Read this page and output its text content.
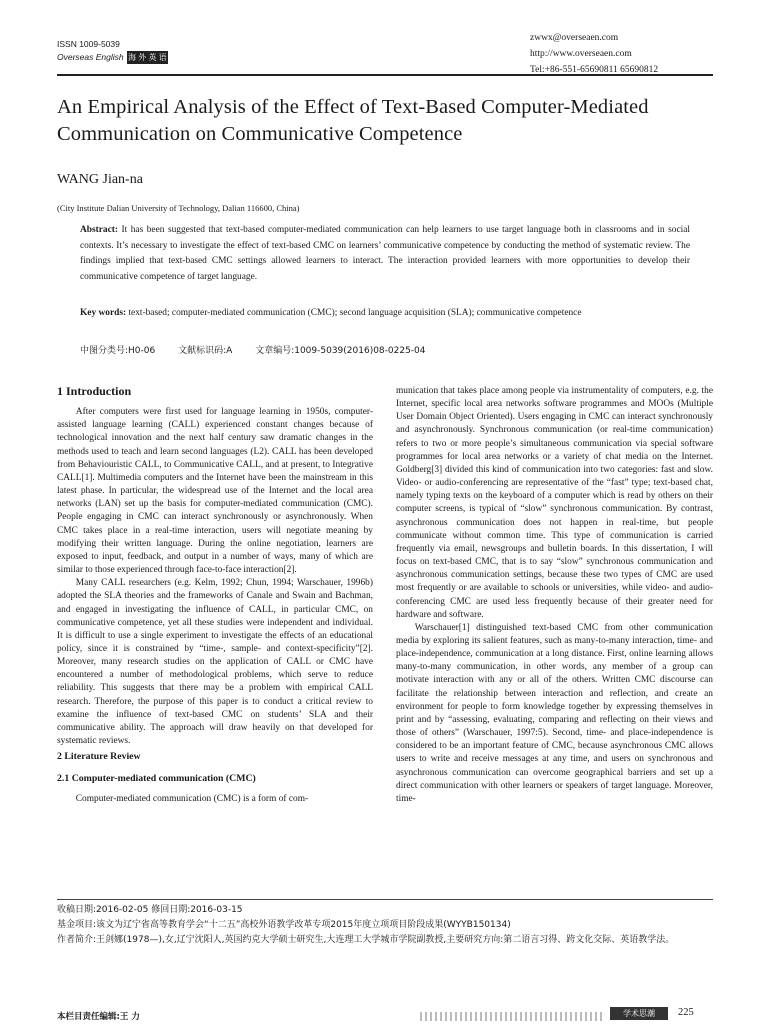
ISSN 1009-5039
Overseas English 海 外 英 语
zwwx@overseaen.com
http://www.overseaen.com
Tel:+86-551-65690811 65690812
An Empirical Analysis of the Effect of Text-Based Computer-Mediated Communication on Communicative Competence
WANG Jian-na
(City Institute Dalian University of Technology, Dalian 116600, China)

Abstract: It has been suggested that text-based computer-mediated communication can help learners to use target language both in classrooms and in social contexts. It’s necessary to investigate the effect of text-based CMC on learners’ communicative competence by conducting the method of systematic review. The findings implied that text-based CMC settings allowed learners to interact. The interaction provided learners with more opportunities to develop their communicative competence of target language.

Key words: text-based; computer-mediated communication (CMC); second language acquisition (SLA); communicative competence

中图分类号:H0-06	文献标识码:A	文章编号:1009-5039(2016)08-0225-04
1 Introduction

After computers were first used for language learning in 1950s, computer-assisted language learning (CALL) experienced constant changes because of technological innovation and the next half century saw dramatic changes in the methods used to teach and learn second languages (L2). CALL has been developed from Behaviouristic CALL, to Communicative CALL, and at present, to Integrative CALL[1]. Multimedia computers and the Internet have been the mainstream in this latest phase. In particular, the widespread use of the Internet and the local area networks (LAN) set up the basis for computer-mediated communication (CMC). People engaging in CMC can interact synchronously or asynchronously. When CMC takes place in a real-time interaction, users will negotiate meaning by modifying their written language. During the online negotiation, learners are exposed to input, feedback, and output in a number of ways, many of which are similar to those experienced through face-to-face interaction[2].

Many CALL researchers (e.g. Kelm, 1992; Chun, 1994; Warschauer, 1996b) adopted the SLA theories and the frameworks of Canale and Swain and Bachman, and engaged in investigating the influence of CALL, in particular CMC, on communicative competence, yet all these studies were independent and individual. It is difficult to use a single experiment to investigate the effects of an educational policy, since it is constrained by “time-, sample- and context-specificity”[2]. Moreover, many research studies on the application of CALL or CMC have encountered a number of methodological problems, which serve to reduce reliability. This suggests that there may be a problem with empirical CALL research. Therefore, the purpose of this paper is to conduct a critical review to examine the influence of text-based CMC on students’ SLA and their communicative ability. The approach will draw heavily on that developed for systematic reviews.

2 Literature Review
2.1 Computer-mediated communication (CMC)

Computer-mediated communication (CMC) is a form of com-

munication that takes place among people via instrumentality of computers, e.g. the Internet, specific local area networks software programmes and MOOs (Multiple User Domain Object Oriented). Users engaging in CMC can interact synchronously and asynchronously. Synchronous communication (or real-time communication) refers to two or more people’s simultaneous communication via special software programmes for local area networks or a variety of chat media on the Internet. Goldberg[3] divided this kind of communication into two categories: fast and slow. Video- or audio-conferencing are representative of the “fast” type; text-based chat, namely typing texts on the keyboard of a computer which is read by others on their computer screens, is typical of “slow” synchronous communication. By contrast, asynchronous communication does not happen in real-time, but people communicate without common time. This type of communication is carried frequently via email, newsgroups and bulletin boards. In this dissertation, I will focus on text-based CMC, that is to say “slow” synchronous communication and asynchronous communication settings, because these two types of CMC are used most frequently or are available to schools or universities, while video- and audio-conferencing CMC are used less frequently because of their greater need for hardware and software.

Warschauer[1] distinguished text-based CMC from other communication media by exploring its salient features, such as many-to-many interaction, time- and place-independence, communication at a long distance. First, online learning allows many-to-many communication, in other words, any member of a group can motivate interaction with any or all of the others. Written CMC discourse can facilitate the relationship between interaction and reflection, and create an environment for people to form knowledge together by expressing themselves in print and by “assessing, evaluating, comparing and reflecting on their views and those of others” (Warschauer, 1997:5). Second, time- and place-independence is considered to be an important feature of CMC, because asynchronous CMC allows users to write and receive messages at any time, and users on synchronous and asynchronous communication can overcome geographical barriers and set up a direct communication with other learners or speakers of target language. Moreover, time-

收稿日期:2016-02-05 修回日期:2016-03-15
基金项目:该文为辽宁省高等教育学会“十二五”高校外语教学改革专项2015年度立项项目阶段成果(WYYB150134)
作者简介:王剑娜(1978—),女,辽宁沈阳人,英国约克大学硕士研究生,大连理工大学城市学院副教授,主要研究方向:第二语言习得、跨文化交际、英语教学法。
本栏目责任编辑:王 力	学术思潮	225
